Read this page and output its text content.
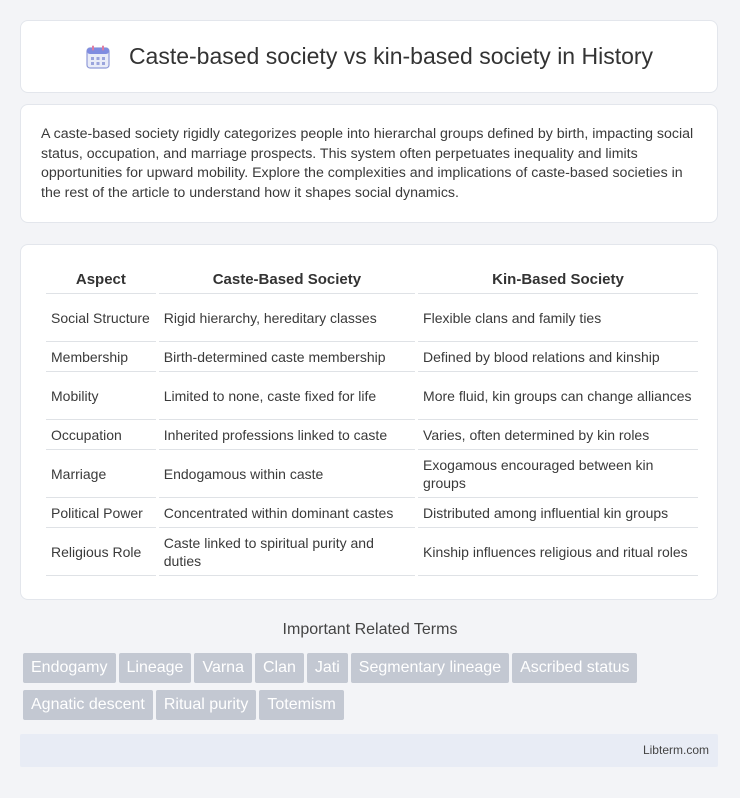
Caste-based society vs kin-based society in History

A caste-based society rigidly categorizes people into hierarchal groups defined by birth, impacting social status, occupation, and marriage prospects. This system often perpetuates inequality and limits opportunities for upward mobility. Explore the complexities and implications of caste-based societies in the rest of the article to understand how it shapes social dynamics.

Aspect	Caste-Based Society	Kin-Based Society
Social Structure	Rigid hierarchy, hereditary classes	Flexible clans and family ties
Membership	Birth-determined caste membership	Defined by blood relations and kinship
Mobility	Limited to none, caste fixed for life	More fluid, kin groups can change alliances
Occupation	Inherited professions linked to caste	Varies, often determined by kin roles
Marriage	Endogamous within caste	Exogamous encouraged between kin groups
Political Power	Concentrated within dominant castes	Distributed among influential kin groups
Religious Role	Caste linked to spiritual purity and duties	Kinship influences religious and ritual roles
Important Related Terms
Endogamy Lineage Varna Clan Jati Segmentary lineage Ascribed statusAgnatic descent Ritual purity Totemism
Libterm.com
